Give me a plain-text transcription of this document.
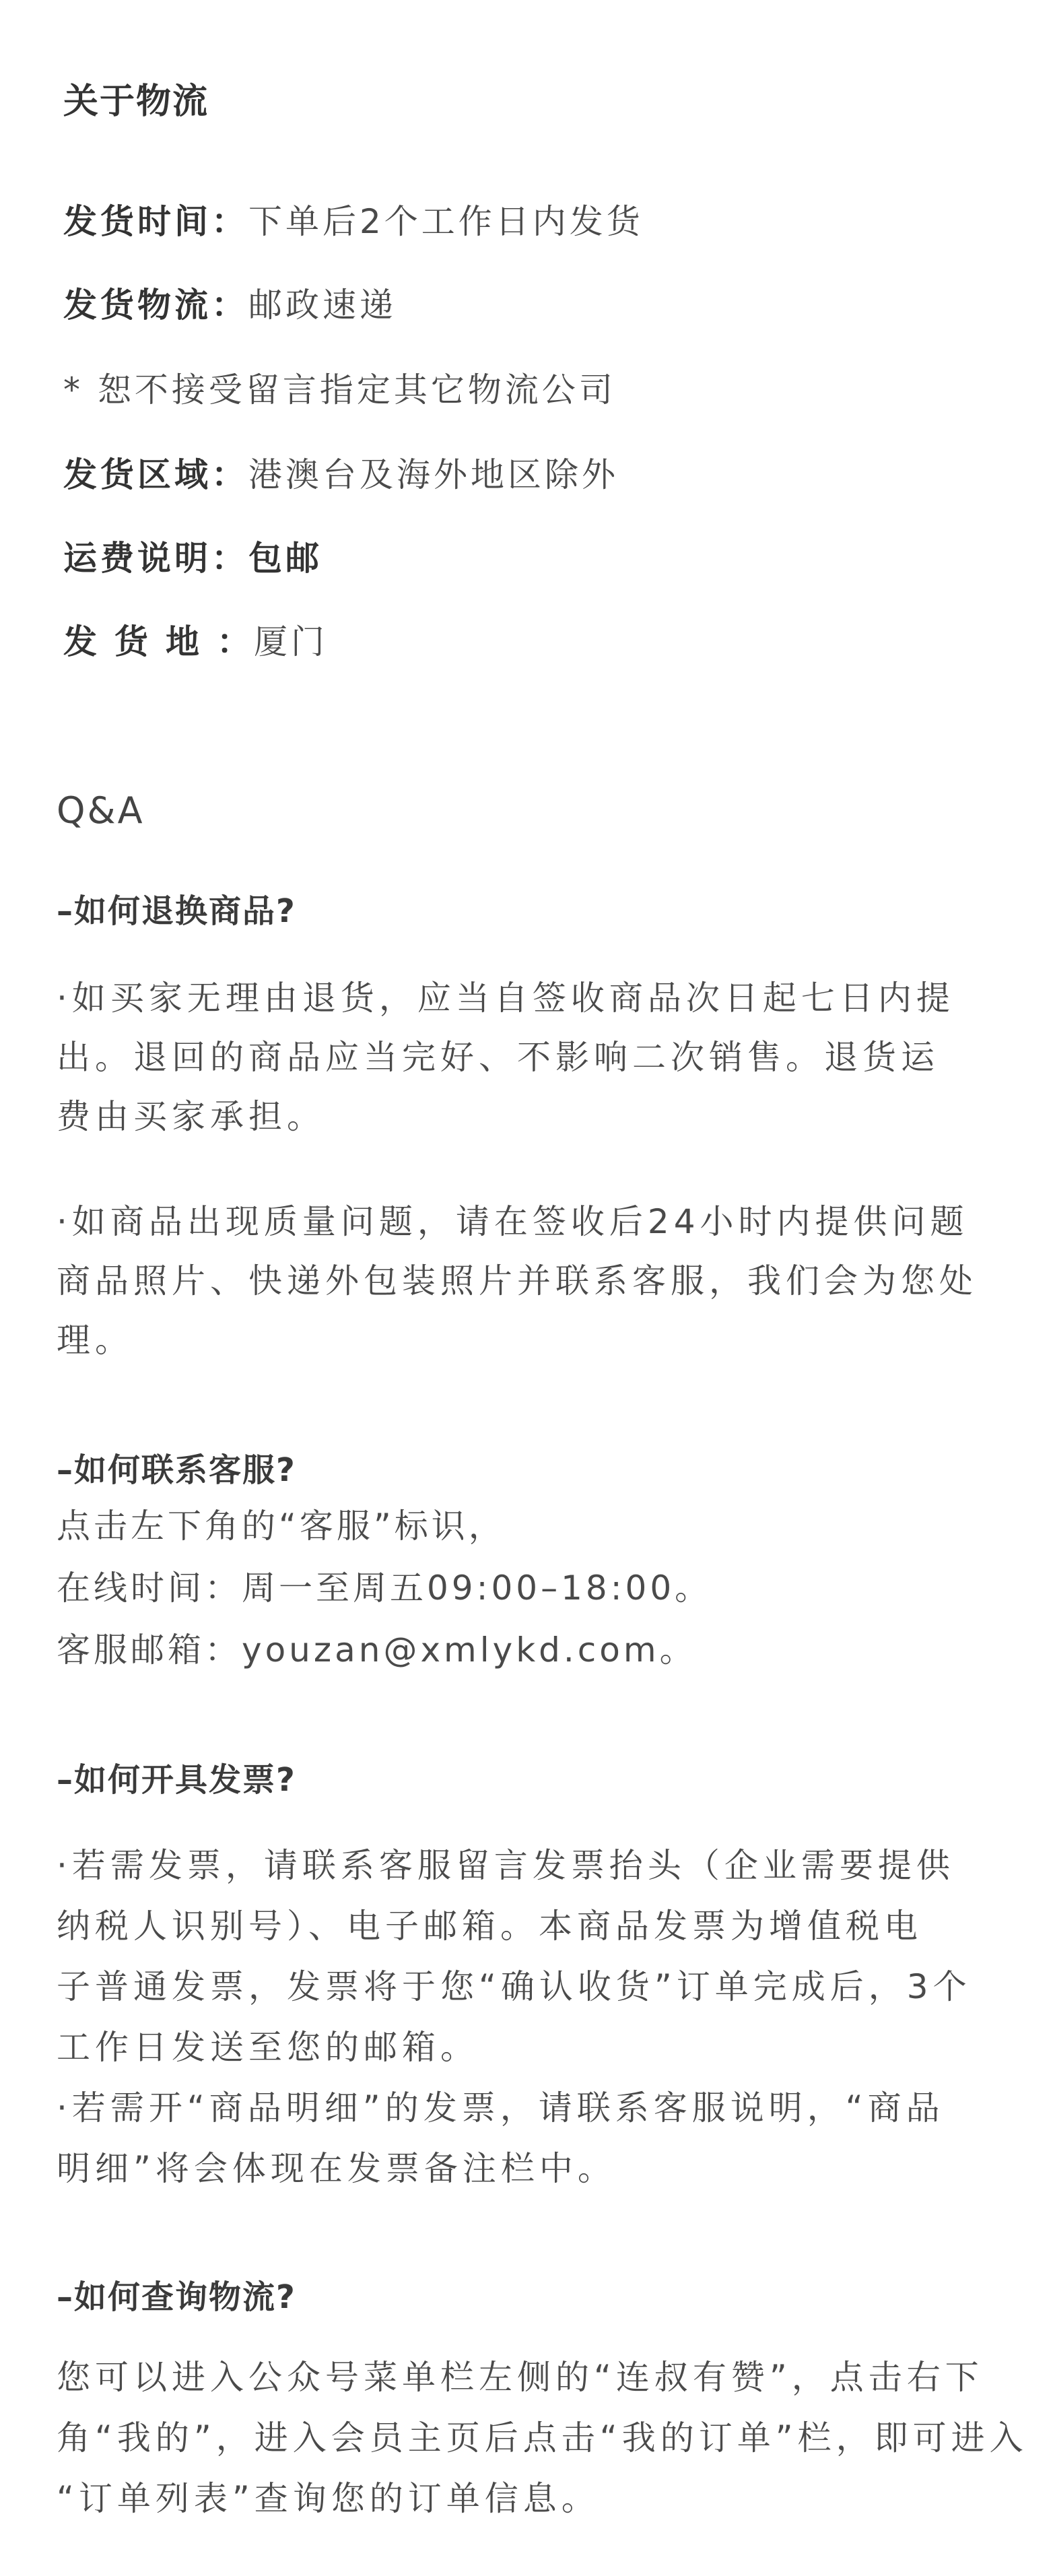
关于物流
发货时间：下单后2个工作日内发货
发货物流：邮政速递
* 恕不接受留言指定其它物流公司
发货区域：港澳台及海外地区除外
运费说明：包邮
发货地：厦门
Q&A
–如何退换商品?
·如买家无理由退货，应当自签收商品次日起七日内提
出。退回的商品应当完好、不影响二次销售。退货运
费由买家承担。
·如商品出现质量问题，请在签收后24小时内提供问题
商品照片、快递外包装照片并联系客服，我们会为您处
理。
–如何联系客服?
点击左下角的“客服”标识，
在线时间：周一至周五09:00–18:00。
客服邮箱：youzan@xmlykd.com。
–如何开具发票?
·若需发票，请联系客服留言发票抬头（企业需要提供
纳税人识别号）、电子邮箱。本商品发票为增值税电
子普通发票，发票将于您“确认收货”订单完成后，3个
工作日发送至您的邮箱。
·若需开“商品明细”的发票，请联系客服说明，“商品
明细”将会体现在发票备注栏中。
–如何查询物流?
您可以进入公众号菜单栏左侧的“连叔有赞”，点击右下
角“我的”，进入会员主页后点击“我的订单”栏，即可进入
“订单列表”查询您的订单信息。
